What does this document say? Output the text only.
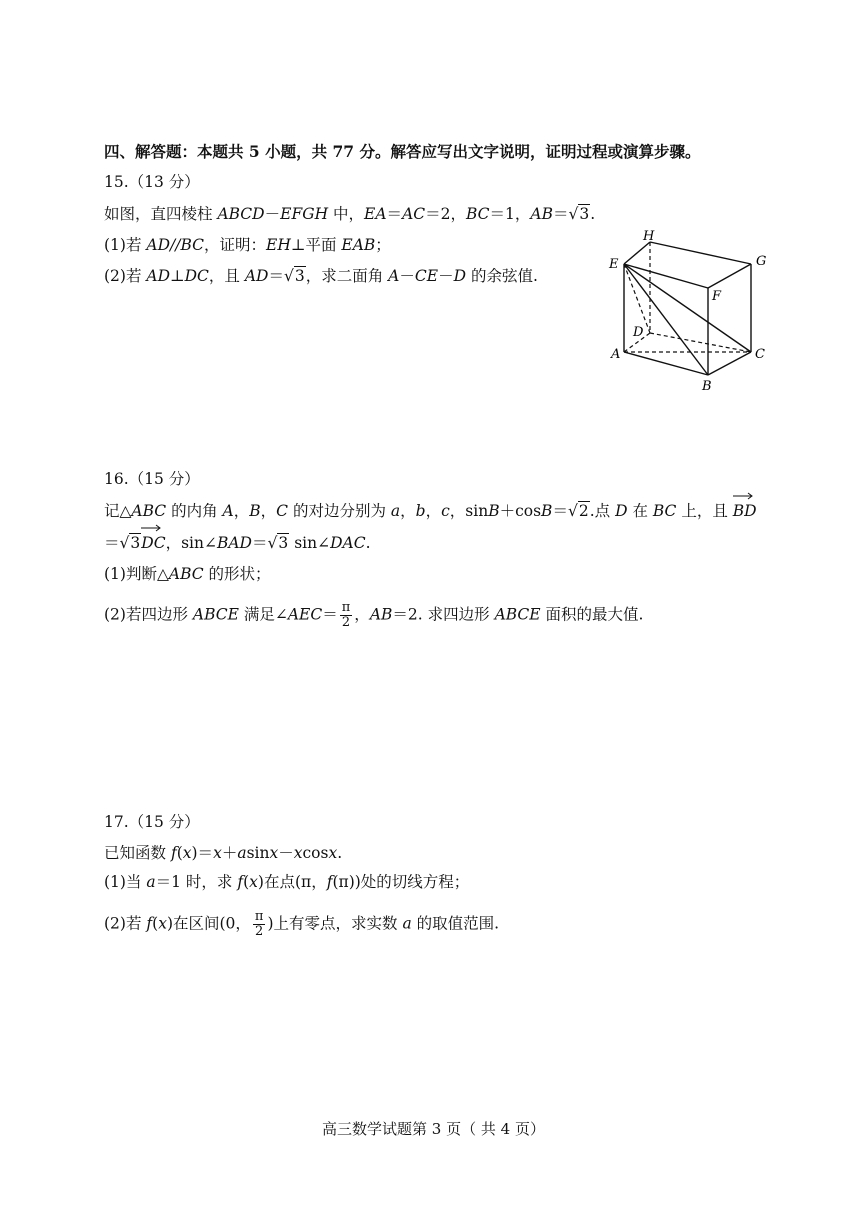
四、解答题：本题共 5 小题，共 77 分。解答应写出文字说明，证明过程或演算步骤。
15.（13 分）
如图，直四棱柱 ABCD－EFGH 中，EA＝AC＝2，BC＝1，AB＝√3.
(1)若 AD//BC，证明：EH⊥平面 EAB；
(2)若 AD⊥DC，且 AD＝√3，求二面角 A－CE－D 的余弦值.
H
G
E
F
D
A	C
B
16.（15 分）
记△ABC 的内角 A，B，C 的对边分别为 a，b，c，sinB＋cosB＝√2.点 D 在 BC 上，且
BD
＝√3
DC，sin∠BAD＝√3 sin∠DAC.
(1)判断△ABC 的形状；
(2)若四边形 ABCE 满足∠AEC＝ $\frac{\pi}{2}$ ，AB＝2. 求四边形 ABCE 面积的最大值.
17.（15 分）
已知函数 f(x)＝x＋asinx－xcosx.
(1)当 a＝1 时，求 f(x)在点(π，f(π))处的切线方程；
(2)若 f(x)在区间(0， $\frac{\pi}{2}$ )上有零点，求实数 a 的取值范围.
高三数学试题第 3 页（ 共 4 页）
